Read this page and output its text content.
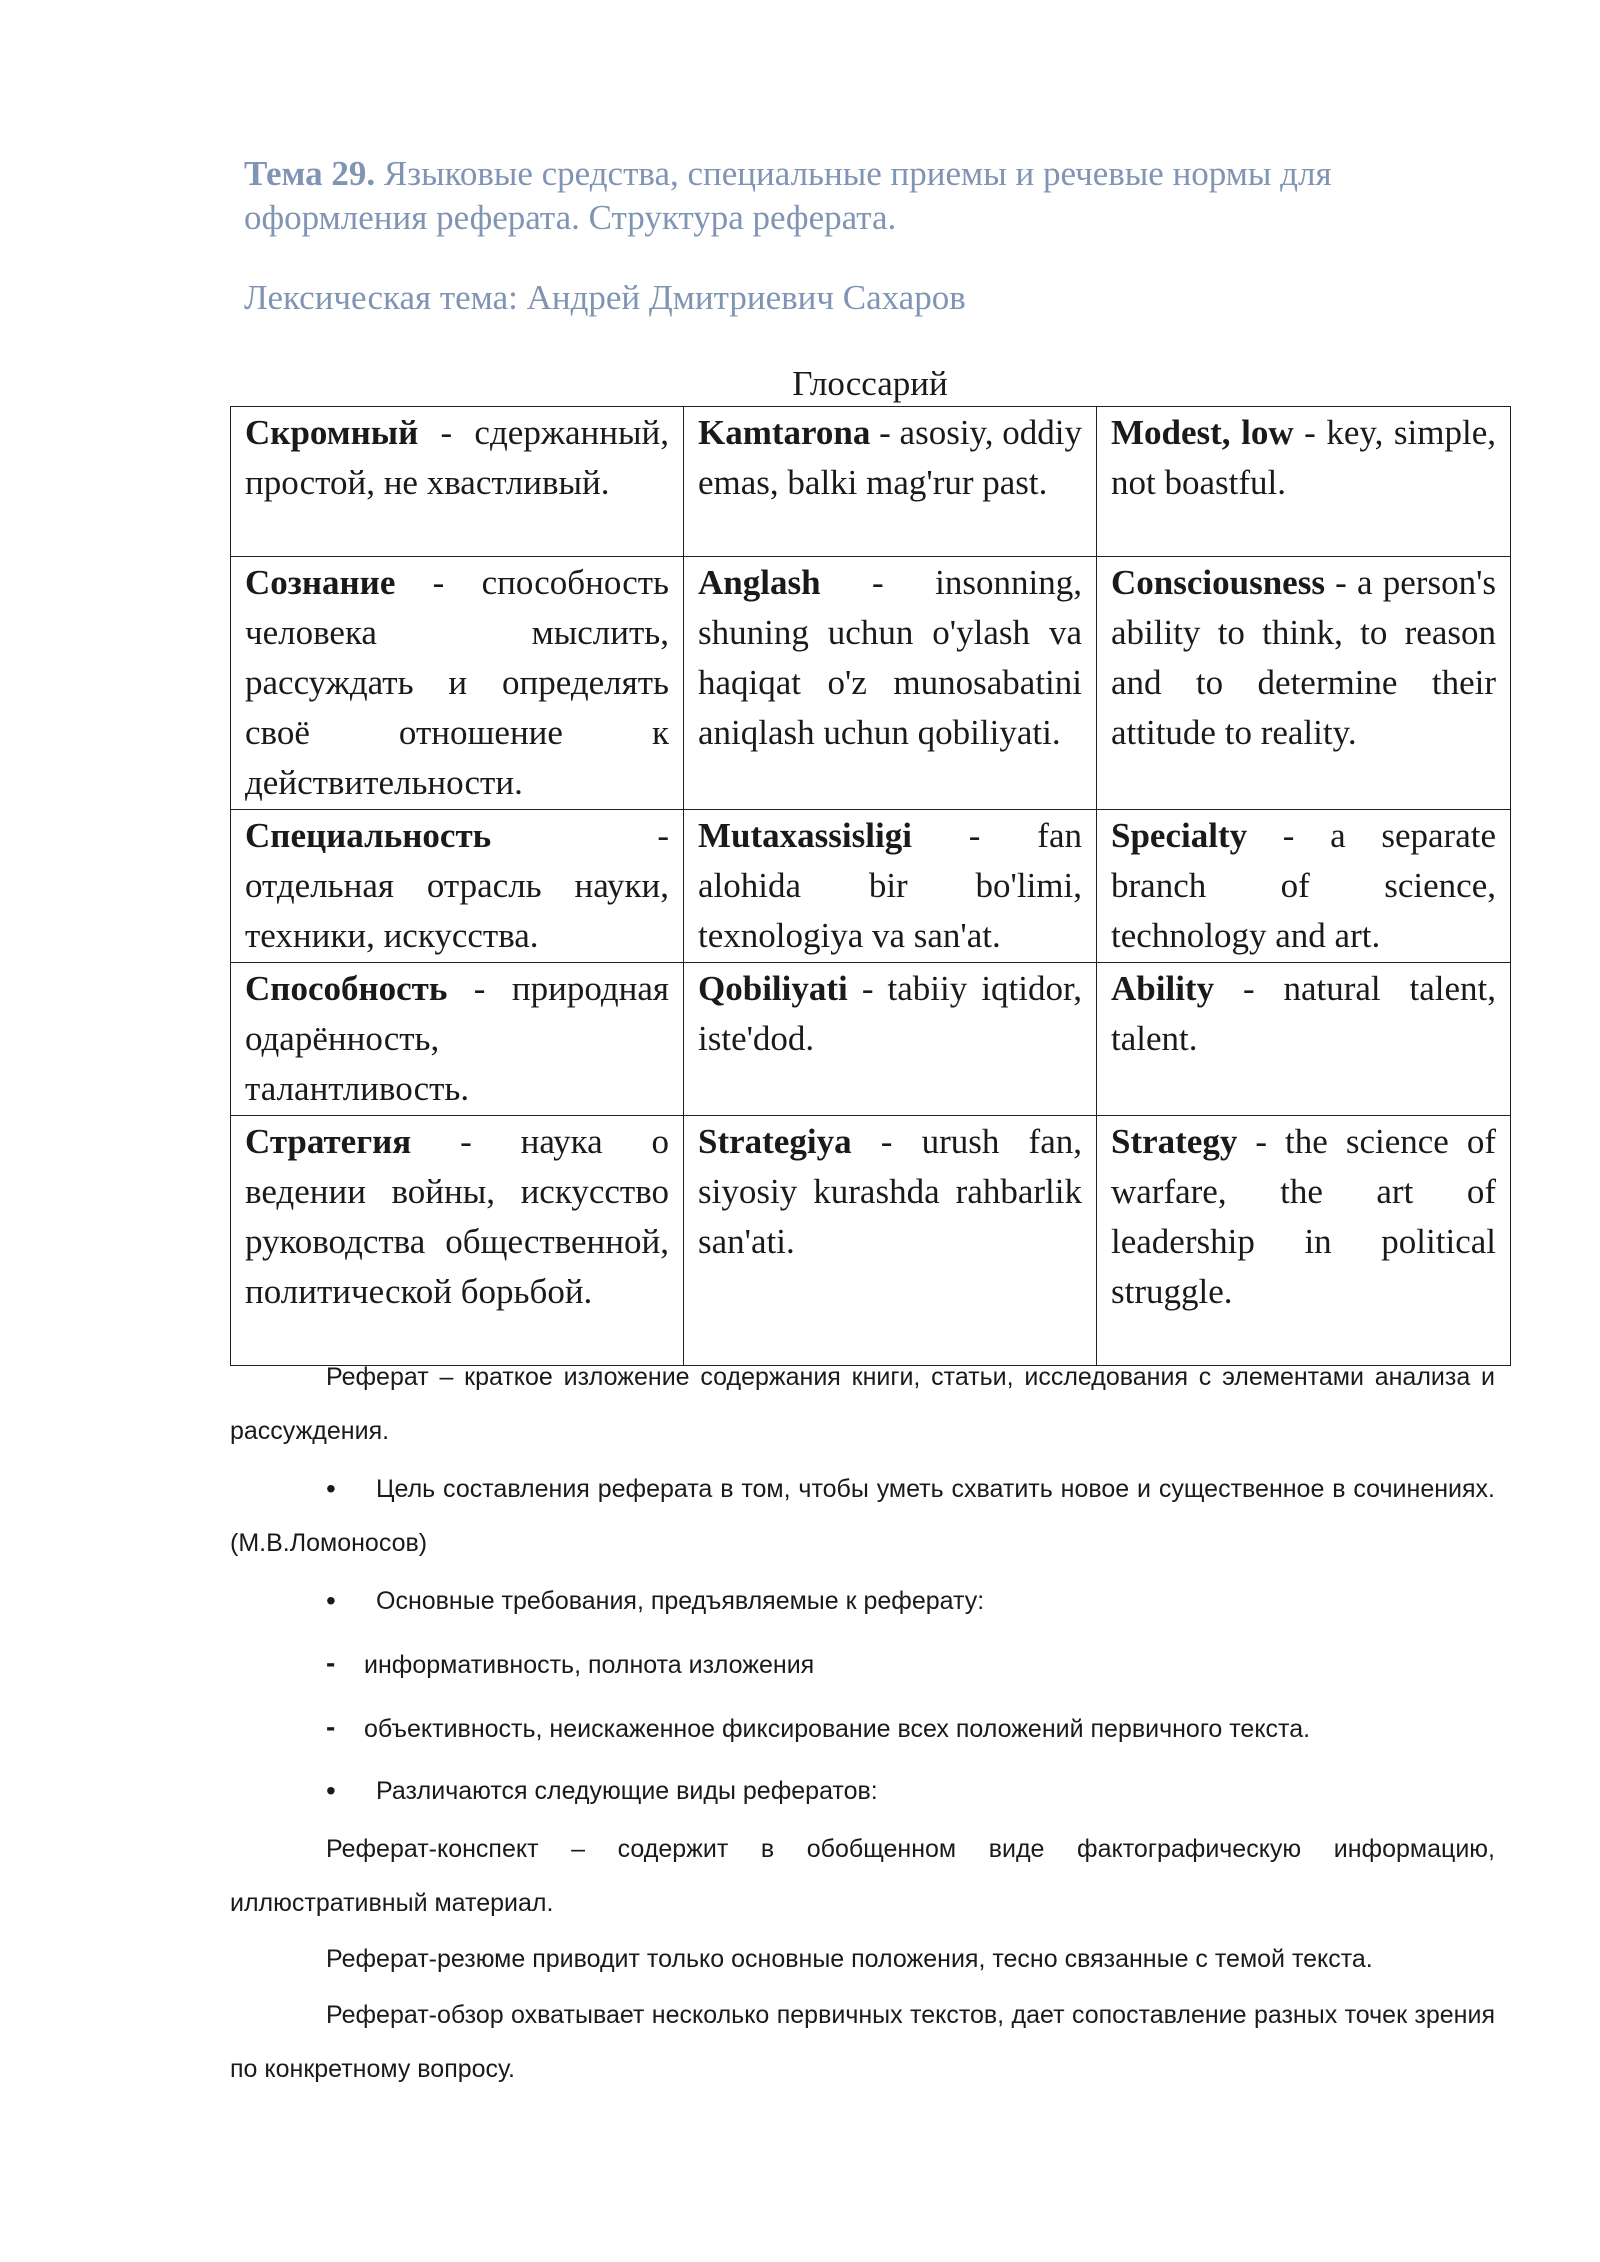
Тема 29. Языковые средства, специальные приемы и речевые нормы для оформления реферата. Структура реферата.
Лексическая тема: Андрей Дмитриевич Сахаров
Глоссарий
Скромный - сдержанный, простой, не хвастливый.	Kamtarona - asosiy, oddiy emas, balki mag'rur past.	Modest, low - key, simple, not boastful.
Сознание - способность человека мыслить, рассуждать и определять своё отношение к действительности.	Anglash - insonning, shuning uchun o'ylash va haqiqat o'z munosabatini aniqlash uchun qobiliyati.	Consciousness - a person's ability to think, to reason and to determine their attitude to reality.
Специальность - отдельная отрасль науки, техники, искусства.	Mutaxassisligi - fan alohida bir bo'limi, texnologiya va san'at.	Specialty - a separate branch of science, technology and art.
Способность - природная одарённость, талантливость.	Qobiliyati - tabiiy iqtidor, iste'dod.	Ability - natural talent, talent.
Стратегия - наука о ведении войны, искусство руководства общественной, политической борьбой.	Strategiya - urush fan, siyosiy kurashda rahbarlik san'ati.	Strategy - the science of warfare, the art of leadership in political struggle.

Реферат – краткое изложение содержания книги, статьи, исследования с элементами анализа и рассуждения.

•	Цель составления реферата в том, чтобы уметь схватить новое и существенное в сочинениях. (М.В.Ломоносов)

•	Основные требования, предъявляемые к реферату:

-	информативность, полнота изложения

-	объективность, неискаженное фиксирование всех положений первичного текста.

•	Различаются следующие виды рефератов:

Реферат-конспект – содержит в обобщенном виде фактографическую информацию, иллюстративный материал.

Реферат-резюме приводит только основные положения, тесно связанные с темой текста.

Реферат-обзор охватывает несколько первичных текстов, дает сопоставление разных точек зрения по конкретному вопросу.
